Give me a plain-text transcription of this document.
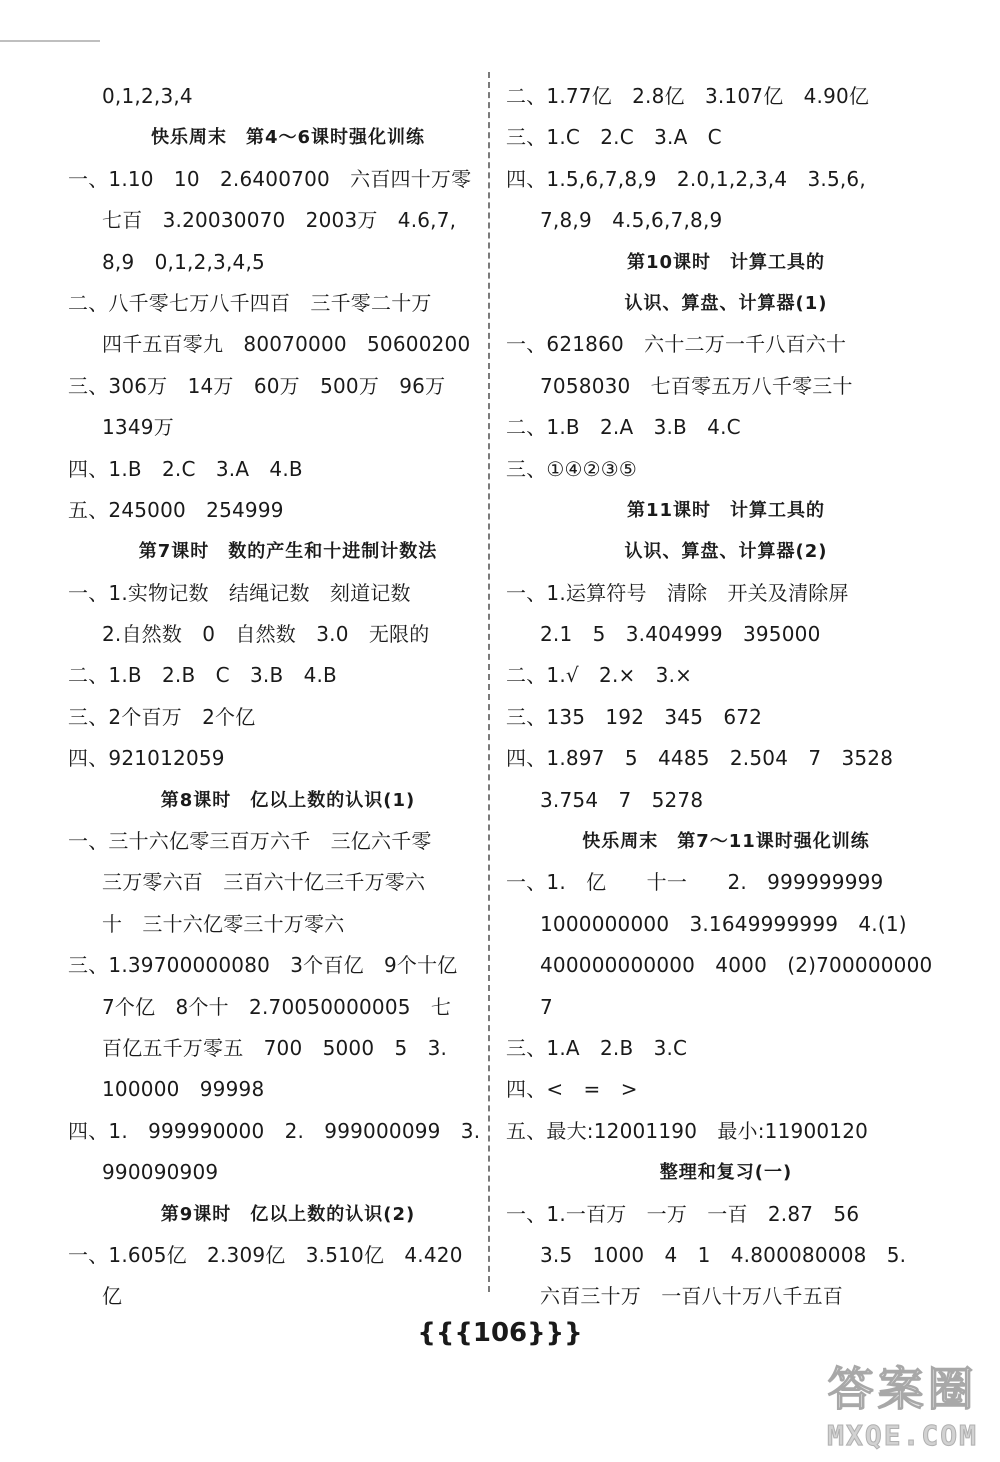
0,1,2,3,4
快乐周末　第4～6课时强化训练
一、1.10　10　2.6400700　六百四十万零
七百　3.20030070　2003万　4.6,7,
8,9　0,1,2,3,4,5
二、八千零七万八千四百　三千零二十万
四千五百零九　80070000　50600200
三、306万　14万　60万　500万　96万
1349万
四、1.B　2.C　3.A　4.B
五、245000　254999
第7课时　数的产生和十进制计数法
一、1.实物记数　结绳记数　刻道记数
2.自然数　0　自然数　3.0　无限的
二、1.B　2.B　C　3.B　4.B
三、2个百万　2个亿
四、921012059
第8课时　亿以上数的认识(1)
一、三十六亿零三百万六千　三亿六千零
三万零六百　三百六十亿三千万零六
十　三十六亿零三十万零六
三、1.39700000080　3个百亿　9个十亿
7个亿　8个十　2.70050000005　七
百亿五千万零五　700　5000　5　3.
100000　99998
四、1.　999990000　2.　999000099　3.
990090909
第9课时　亿以上数的认识(2)
一、1.605亿　2.309亿　3.510亿　4.420
亿
二、1.77亿　2.8亿　3.107亿　4.90亿
三、1.C　2.C　3.A　C
四、1.5,6,7,8,9　2.0,1,2,3,4　3.5,6,
7,8,9　4.5,6,7,8,9
第10课时　计算工具的
认识、算盘、计算器(1)
一、621860　六十二万一千八百六十
7058030　七百零五万八千零三十
二、1.B　2.A　3.B　4.C
三、①④②③⑤
第11课时　计算工具的
认识、算盘、计算器(2)
一、1.运算符号　清除　开关及清除屏
2.1　5　3.404999　395000
二、1.√　2.×　3.×
三、135　192　345　672
四、1.897　5　4485　2.504　7　3528
3.754　7　5278
快乐周末　第7～11课时强化训练
一、1.　亿　　十一　　2.　999999999
1000000000　3.1649999999　4.(1)
400000000000　4000　(2)700000000
7
三、1.A　2.B　3.C
四、<　=　>
五、最大:12001190　最小:11900120
整理和复习(一)
一、1.一百万　一万　一百　2.87　56
3.5　1000　4　1　4.800080008　5.
六百三十万　一百八十万八千五百
{{{106}}}
答案圈
MXQE.COM
